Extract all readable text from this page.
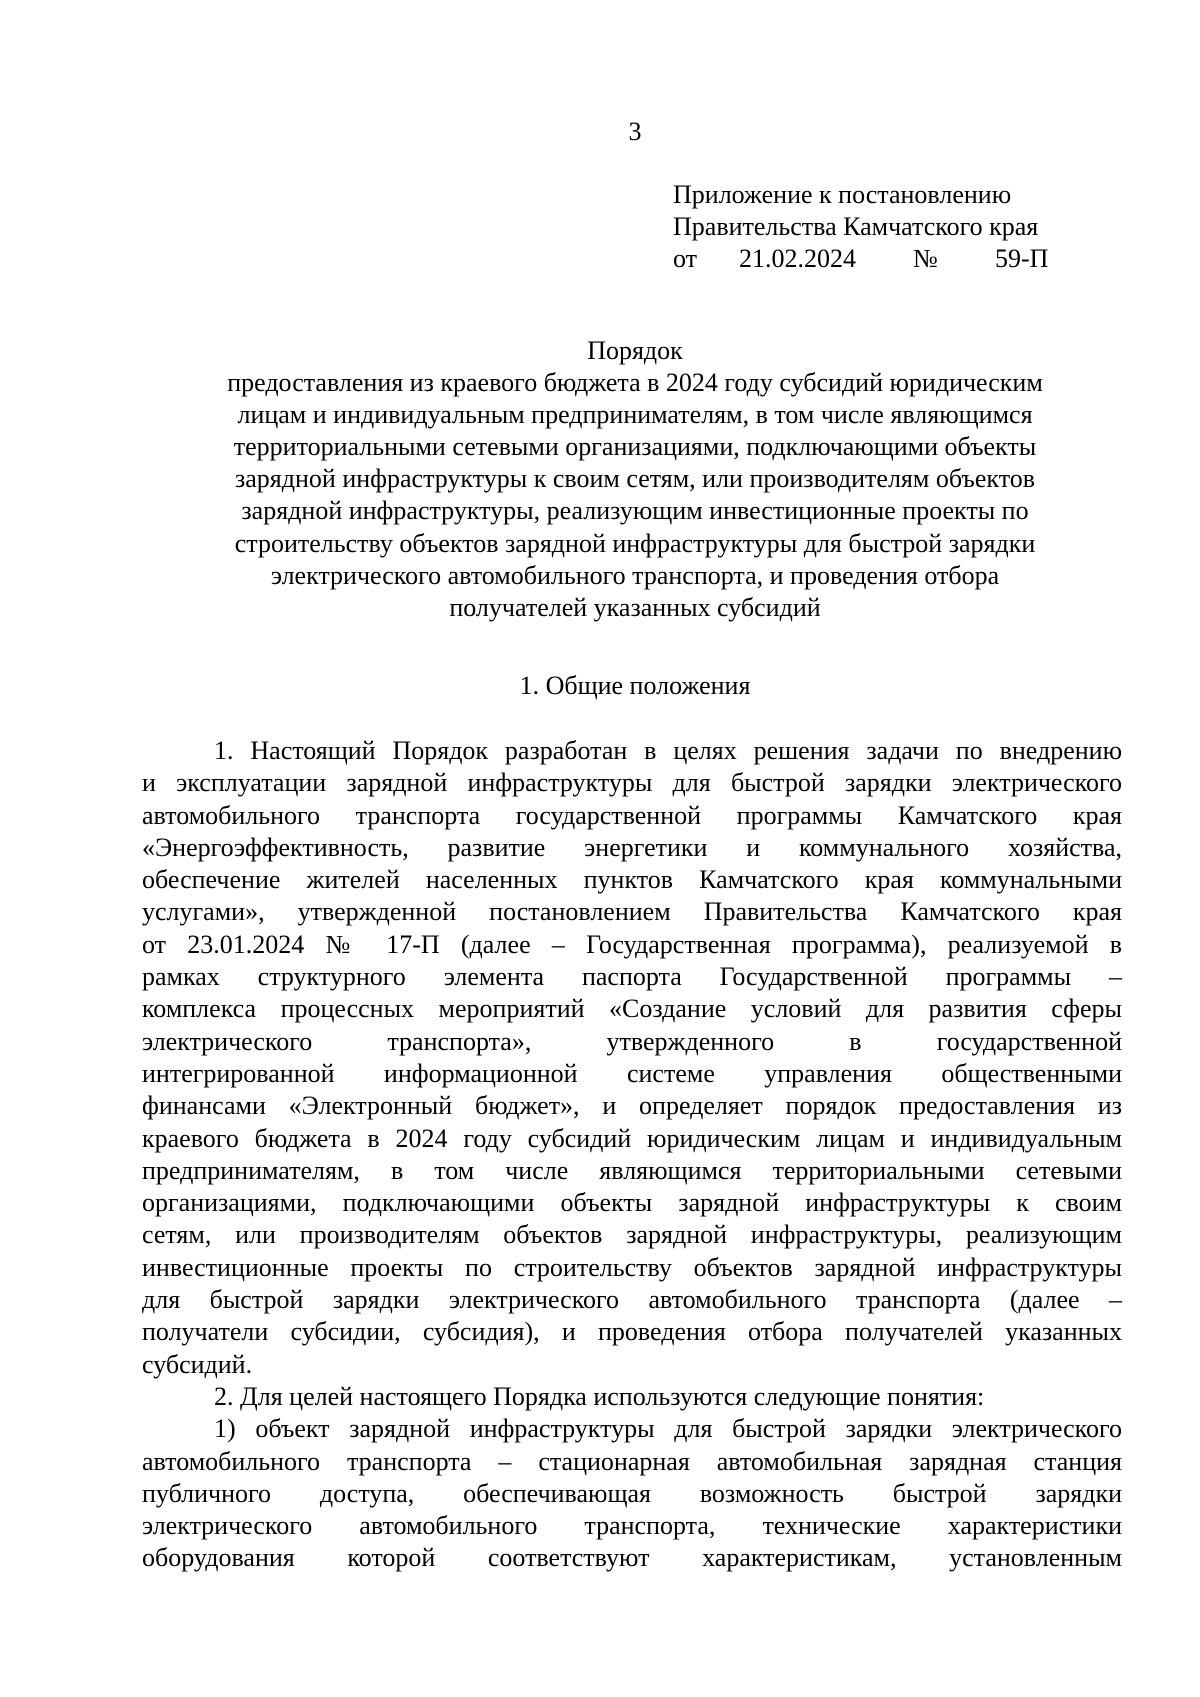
3
Приложение к постановлению
Правительства Камчатского края
от 21.02.2024 № 59-П
Порядок
предоставления из краевого бюджета в 2024 году субсидий юридическим
лицам и индивидуальным предпринимателям, в том числе являющимся
территориальными сетевыми организациями, подключающими объекты
зарядной инфраструктуры к своим сетям, или производителям объектов
зарядной инфраструктуры, реализующим инвестиционные проекты по
строительству объектов зарядной инфраструктуры для быстрой зарядки
электрического автомобильного транспорта, и проведения отбора
получателей указанных субсидий
1. Общие положения
1. Настоящий Порядок разработан в целях решения задачи по внедрению
и эксплуатации зарядной инфраструктуры для быстрой зарядки электрического
автомобильного транспорта государственной программы Камчатского края
«Энергоэффективность, развитие энергетики и коммунального хозяйства,
обеспечение жителей населенных пунктов Камчатского края коммунальными
услугами», утвержденной постановлением Правительства Камчатского края
от 23.01.2024 № 17-П (далее – Государственная программа), реализуемой в
рамках структурного элемента паспорта Государственной программы –
комплекса процессных мероприятий «Создание условий для развития сферы
электрического транспорта», утвержденного в государственной
интегрированной информационной системе управления общественными
финансами «Электронный бюджет», и определяет порядок предоставления из
краевого бюджета в 2024 году субсидий юридическим лицам и индивидуальным
предпринимателям, в том числе являющимся территориальными сетевыми
организациями, подключающими объекты зарядной инфраструктуры к своим
сетям, или производителям объектов зарядной инфраструктуры, реализующим
инвестиционные проекты по строительству объектов зарядной инфраструктуры
для быстрой зарядки электрического автомобильного транспорта (далее –
получатели субсидии, субсидия), и проведения отбора получателей указанных
субсидий.
2. Для целей настоящего Порядка используются следующие понятия:
1) объект зарядной инфраструктуры для быстрой зарядки электрического
автомобильного транспорта – стационарная автомобильная зарядная станция
публичного доступа, обеспечивающая возможность быстрой зарядки
электрического автомобильного транспорта, технические характеристики
оборудования которой соответствуют характеристикам, установленным
